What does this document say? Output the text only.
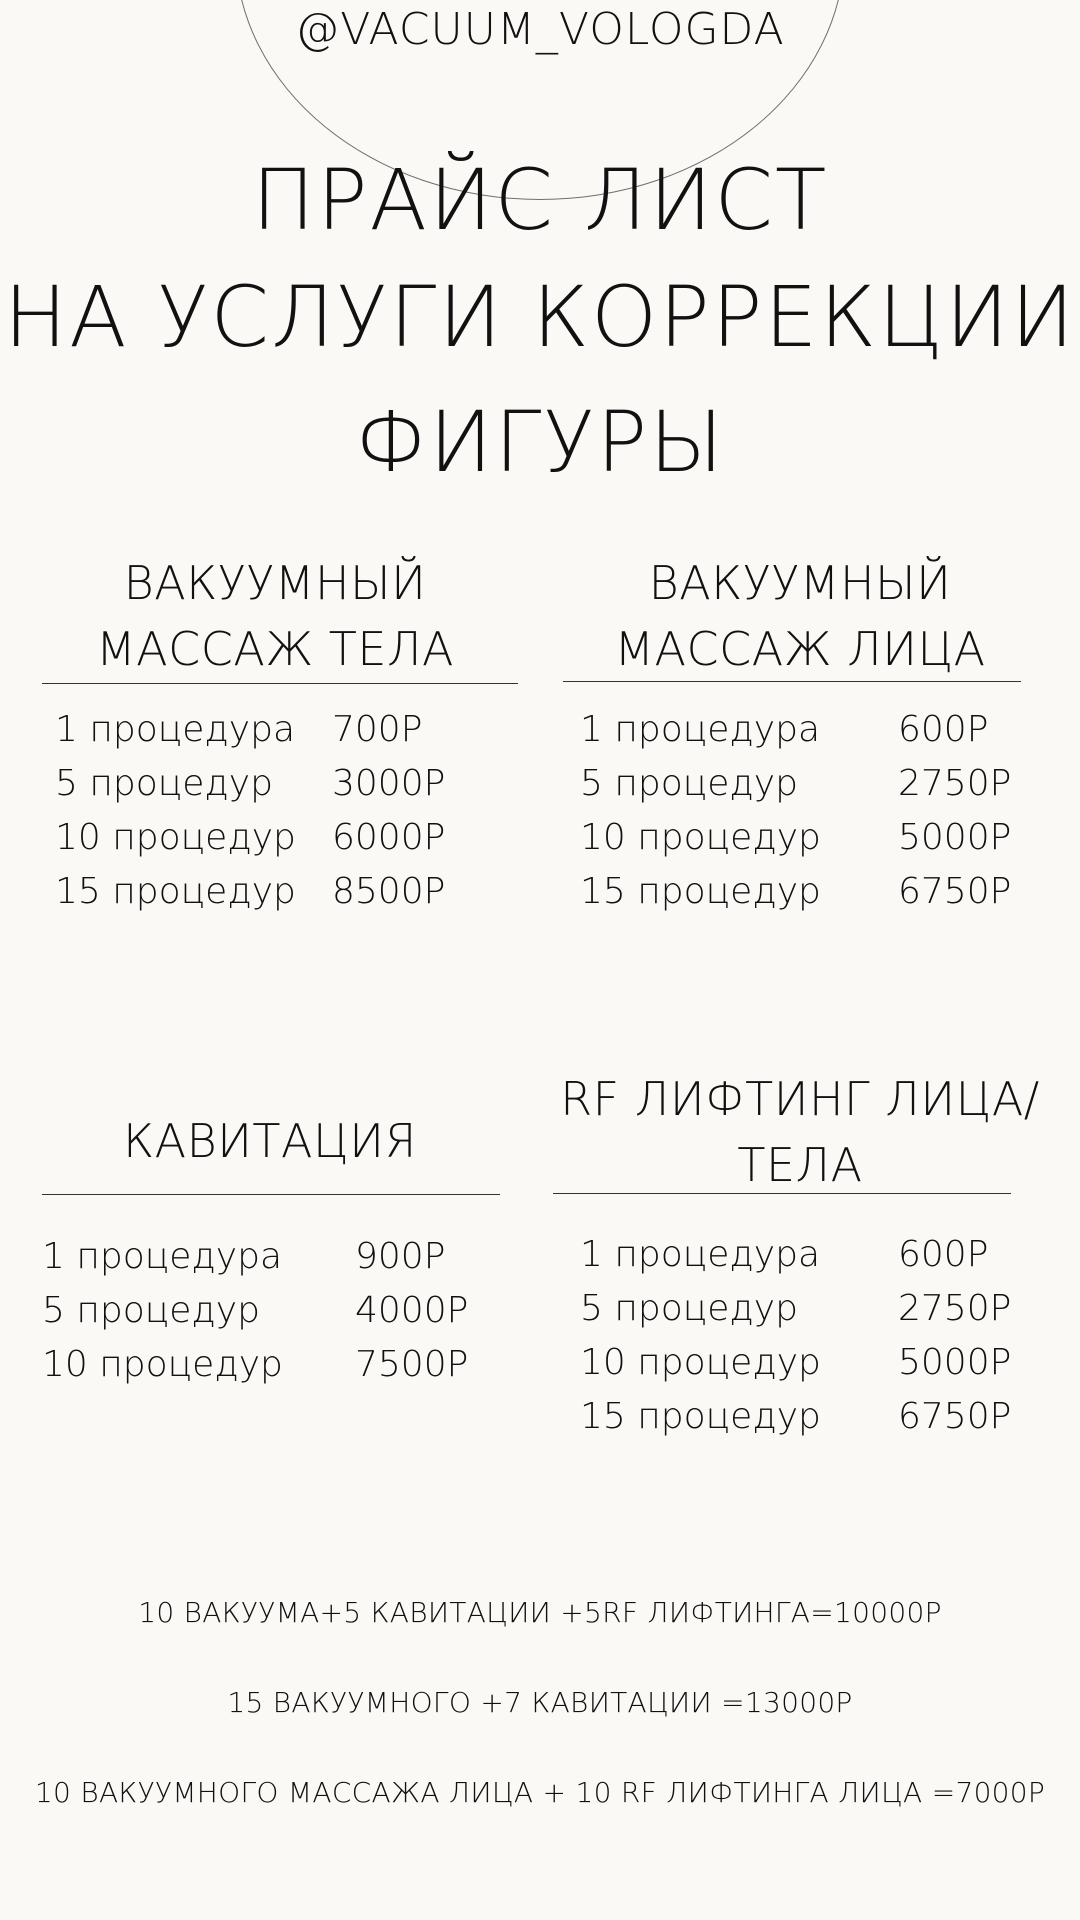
@VACUUM_VOLOGDA
ПРАЙС ЛИСТ
НА УСЛУГИ КОРРЕКЦИИ
ФИГУРЫ
ВАКУУМНЫЙ
МАССАЖ ТЕЛА
1 процедура 700Р
5 процедур 3000Р
10 процедур 6000Р
15 процедур 8500Р
ВАКУУМНЫЙ
МАССАЖ ЛИЦА
1 процедура 600Р
5 процедур	2750Р
10 процедур 5000Р
15 процедур 6750Р
КАВИТАЦИЯ
1 процедура 900Р
5 процедур	4000Р
10 процедур 7500Р
RF ЛИФТИНГ ЛИЦА/
ТЕЛА
1 процедура 600Р
5 процедур	2750Р
10 процедур 5000Р
15 процедур 6750Р
10 ВАКУУМА+5 КАВИТАЦИИ +5RF ЛИФТИНГА=10000Р
15 ВАКУУМНОГО +7 КАВИТАЦИИ =13000Р
10 ВАКУУМНОГО МАССАЖА ЛИЦА + 10 RF ЛИФТИНГА ЛИЦА =7000Р
